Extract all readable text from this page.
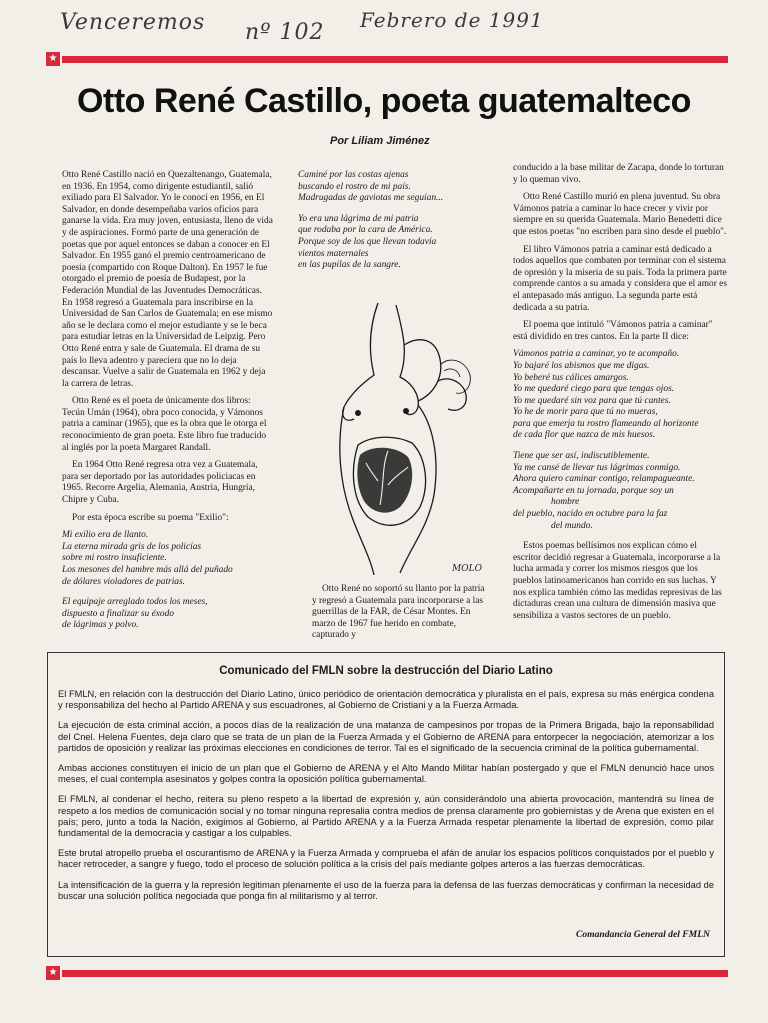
Venceremos nº 102 Febrero de 1991
★
Otto René Castillo, poeta guatemalteco
Por Liliam Jiménez

Otto René Castillo nació en Quezaltenango, Guatemala, en 1936. En 1954, como dirigente estudiantil, salió exiliado para El Salvador. Yo le conocí en 1956, en El Salvador, en donde desempeñaba varios oficios para ganarse la vida. Era muy joven, entusiasta, lleno de vida y de aspiraciones. Formó parte de una generación de poetas que por aquel entonces se daban a conocer en El Salvador. En 1955 ganó el premio centroamericano de poesía (compartido con Roque Dalton). En 1957 le fue otorgado el premio de poesía de Budapest, por la Federación Mundial de las Juventudes Democráticas. En 1958 regresó a Guatemala para inscribirse en la Universidad de San Carlos de Guatemala; en ese mismo año se le declara como el mejor estudiante y se le beca para estudiar letras en la Universidad de Leipzig. Pero Otto René entra y sale de Guatemala. El drama de su país lo lleva adentro y pareciera que no lo deja descansar. Vuelve a salir de Guatemala en 1962 y deja la carrera de letras.

Otto René es el poeta de únicamente dos libros: Tecún Umán (1964), obra poco conocida, y Vámonos patria a caminar (1965), que es la obra que le otorga el reconocimiento de gran poeta. Este libro fue traducido al inglés por la poeta Margaret Randall.

En 1964 Otto René regresa otra vez a Guatemala, para ser deportado por las autoridades policiacas en 1965. Recorre Argelia, Alemania, Austria, Hungría, Chipre y Cuba.

Por esta época escribe su poema "Exilio":

Mi exilio era de llanto.
La eterna mirada gris de los policías
sobre mi rostro insuficiente.
Los mesones del hambre más allá del puñado
de dólares violadores de patrias.
El equipaje arreglado todos los meses,
dispuesto a finalizar su éxodo
de lágrimas y polvo.
Caminé por las costas ajenas
buscando el rostro de mi país.
Madrugadas de gaviotas me seguían...
Yo era una lágrima de mi patria
que rodaba por la cara de América.
Porque soy de los que llevan todavía
vientos maternales
en las pupilas de la sangre.
MOLO

Otto René no soportó su llanto por la patria y regresó a Guatemala para incorporarse a las guerrillas de la FAR, de César Montes. En marzo de 1967 fue herido en combate, capturado y

conducido a la base militar de Zacapa, donde lo torturan y lo queman vivo.

Otto René Castillo murió en plena juventud. Su obra Vámonos patria a caminar lo hace crecer y vivir por siempre en su querida Guatemala. Mario Benedetti dice que estos poetas "no escriben para sino desde el pueblo".

El libro Vámonos patria a caminar está dedicado a todos aquellos que combaten por terminar con el sistema de opresión y la miseria de su país. Toda la primera parte comprende cantos a su amada y considera que el amor es el antepasado más antiguo. La segunda parte está dedicada a su patria.

El poema que intituló "Vámonos patria a caminar" está dividido en tres cantos. En la parte II dice:

Vámonos patria a caminar, yo te acompaño.
Yo bajaré los abismos que me digas.
Yo beberé tus cálices amargos.
Yo me quedaré ciego para que tengas ojos.
Yo me quedaré sin voz para que tú cantes.
Yo he de morir para que tú no mueras,
para que emerja tu rostro flameando al horizonte
de cada flor que nazca de mis huesos.
Tiene que ser así, indiscutiblemente.
Ya me cansé de llevar tus lágrimas conmigo.
Ahora quiero caminar contigo, relampagueante.
Acompañarte en tu jornada, porque soy un
hombre
del pueblo, nacido en octubre para la faz
del mundo.

Estos poemas bellísimos nos explican cómo el escritor decidió regresar a Guatemala, incorporarse a la lucha armada y correr los mismos riesgos que los pueblos latinoamericanos han corrido en sus luchas. Y nos explica también cómo las medidas represivas de las dictaduras crean una cultura de dimensión masiva que sensibiliza a vastos sectores de un pueblo.

Comunicado del FMLN sobre la destrucción del Diario Latino

El FMLN, en relación con la destrucción del Diario Latino, único periódico de orientación democrática y pluralista en el país, expresa su más enérgica condena y responsabiliza del hecho al Partido ARENA y sus escuadrones, al Gobierno de Cristiani y a la Fuerza Armada.

La ejecución de esta criminal acción, a pocos días de la realización de una matanza de campesinos por tropas de la Primera Brigada, bajo la reponsabilidad del Cnel. Helena Fuentes, deja claro que se trata de un plan de la Fuerza Armada y el Gobierno de ARENA para entorpecer la negociación, atemorizar a los partidos de oposición y realizar las próximas elecciones en condiciones de terror. Tal es el significado de la secuencia criminal de la política gubernamental.

Ambas acciones constituyen el inicio de un plan que el Gobierno de ARENA y el Alto Mando Militar habían postergado y que el FMLN denunció hace unos meses, el cual contempla asesinatos y golpes contra la oposición política gubernamental.

El FMLN, al condenar el hecho, reitera su pleno respeto a la libertad de expresión y, aún considerándolo una abierta provocación, mantendrá su línea de respeto a los medios de comunicación social y no tomar ninguna represalia contra medios de prensa claramente pro gobiernistas y de Arena que existen en el país; pero, junto a toda la Nación, exigimos al Gobierno, al Partido ARENA y a la Fuerza Armada respetar plenamente la libertad de expresión, como pilar fundamental de la democracia y castigar a los culpables.

Este brutal atropello prueba el oscurantismo de ARENA y la Fuerza Armada y comprueba el afán de anular los espacios políticos conquistados por el pueblo y hacer retroceder, a sangre y fuego, todo el proceso de solución política a la crisis del país mediante golpes arteros a las fuerzas democráticas.

La intensificación de la guerra y la represión legitiman plenamente el uso de la fuerza para la defensa de las fuerzas democráticas y confirman la necesidad de buscar una solución política negociada que ponga fin al militarismo y al terror.

Comandancia General del FMLN
★
